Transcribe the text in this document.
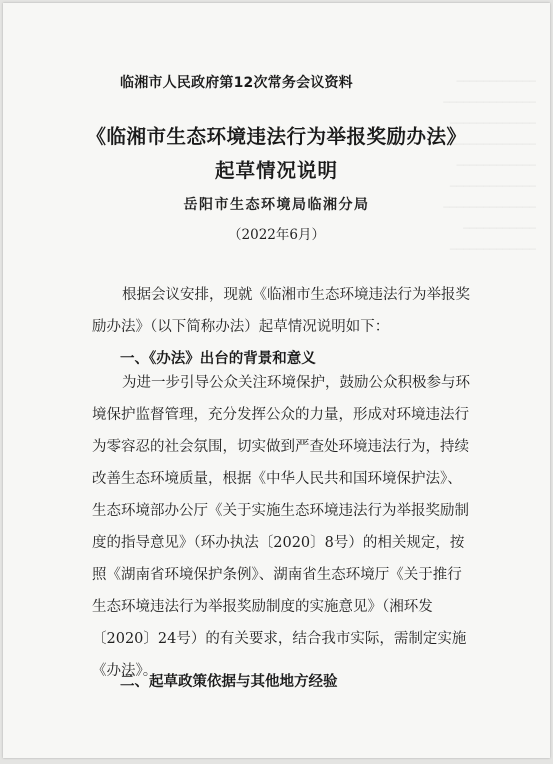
────────────
──────────────
─────────────
──────────────
────────────
─────────────
──────────────
───────────
─────────────
临湘市人民政府第12次常务会议资料
《临湘市生态环境违法行为举报奖励办法》
起草情况说明
岳阳市生态环境局临湘分局
（2022年6月）
根据会议安排，现就《临湘市生态环境违法行为举报奖
励办法》（以下简称办法）起草情况说明如下：
一、《办法》出台的背景和意义
为进一步引导公众关注环境保护，鼓励公众积极参与环
境保护监督管理，充分发挥公众的力量，形成对环境违法行
为零容忍的社会氛围，切实做到严查处环境违法行为，持续
改善生态环境质量，根据《中华人民共和国环境保护法》、
生态环境部办公厅《关于实施生态环境违法行为举报奖励制
度的指导意见》（环办执法〔2020〕8号）的相关规定，按
照《湖南省环境保护条例》、湖南省生态环境厅《关于推行
生态环境违法行为举报奖励制度的实施意见》（湘环发
〔2020〕24号）的有关要求，结合我市实际，需制定实施
《办法》。
二、起草政策依据与其他地方经验
